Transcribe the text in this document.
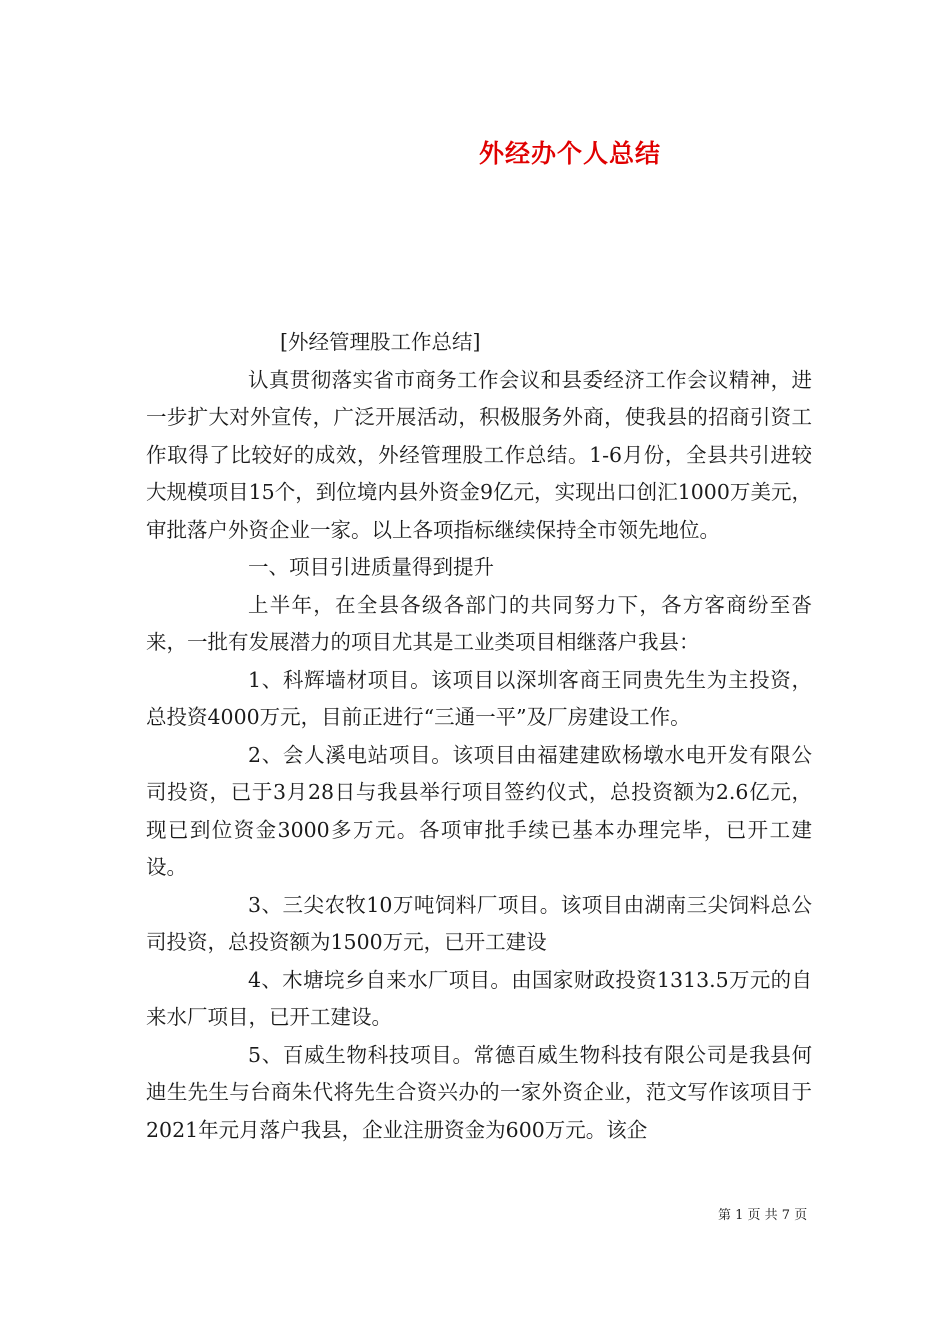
外经办个人总结

[外经管理股工作总结]

认真贯彻落实省市商务工作会议和县委经济工作会议精神，进一步扩大对外宣传，广泛开展活动，积极服务外商，使我县的招商引资工作取得了比较好的成效，外经管理股工作总结。1-6月份，全县共引进较大规模项目15个，到位境内县外资金9亿元，实现出口创汇1000万美元，审批落户外资企业一家。以上各项指标继续保持全市领先地位。

一、项目引进质量得到提升

上半年，在全县各级各部门的共同努力下，各方客商纷至沓来，一批有发展潜力的项目尤其是工业类项目相继落户我县：

1、科辉墙材项目。该项目以深圳客商王同贵先生为主投资，总投资4000万元，目前正进行“三通一平”及厂房建设工作。

2、会人溪电站项目。该项目由福建建欧杨墩水电开发有限公司投资，已于3月28日与我县举行项目签约仪式，总投资额为2.6亿元，现已到位资金3000多万元。各项审批手续已基本办理完毕，已开工建设。

3、三尖农牧10万吨饲料厂项目。该项目由湖南三尖饲料总公司投资，总投资额为1500万元，已开工建设

4、木塘垸乡自来水厂项目。由国家财政投资1313.5万元的自来水厂项目，已开工建设。

5、百威生物科技项目。常德百威生物科技有限公司是我县何迪生先生与台商朱代将先生合资兴办的一家外资企业，范文写作该项目于2021年元月落户我县，企业注册资金为600万元。该企

第 1 页 共 7 页
